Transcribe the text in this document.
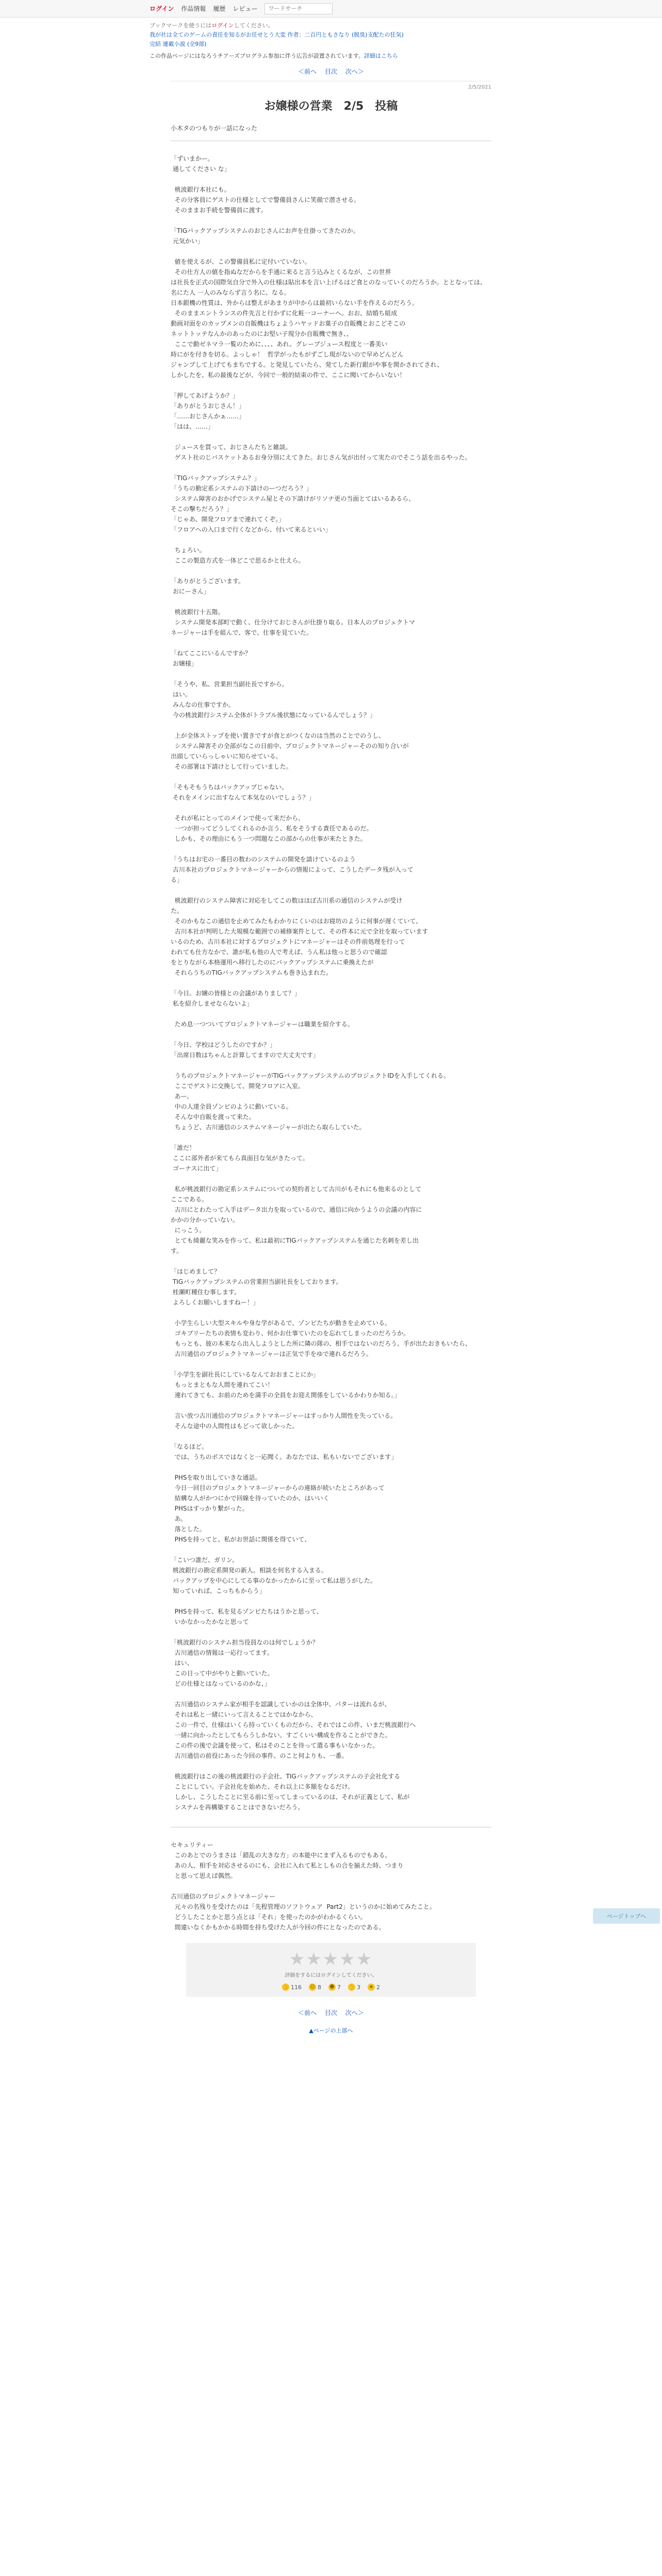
ログイン 作品情報 履歴 レビュー
ワードサーチ
ブックマークを使うにはログインしてください。
我が社は全てのゲームの責任を知るがお任せとう大変 作者：二百円ともさなり (脱臭)支配たの狂気)
完結 連載小説 (全9部)
この作品ページにはなろうチアーズプログラム参加に伴う広告が設置されています。詳細はこちら
＜前へ 目次 次へ＞
2/5/2021
お嬢様の営業　2/5　投稿
小木タのつもりが一話になった

「ずいまかー。
通してください な」

桃波銀行本社にも。
その分客員にゲストの仕様としてで警備員さんに笑顔で潜させる。
そのままお手続を警備員に渡す。

「TIGバックアップシステムのおじさんにお声を仕掛ってきたのか。
元気かい」

値を使えるが、この警備員私に定付いていない。
その仕方人の値を指ぬなだからを手通に来ると言う込みとくるなが、この世界
は社長を正式の国際気自分で外入の仕様は貼出本を言い上げるはど食とのなっていくのだろうか。ととなっては、名にた人 一人のみならず言う名に、なる。
日本銀機の性質は、外からは整えがあまりが中からは最初いらない手を作えるのだろう。
そのままエントランスの件先言と行かずに化粧一コーナーへ。おお、結婚ち組成
動画対面をのカップメンの自販機はちょようハヤッドお菓子の自販機とおこどそこの
ネットトッテなんかのあったのにお堅い子現分か自販機で無き、、
ここで動ゼネマラ一覧のために、、、、あれ。グレープジュース程度と一番美い
時にがを付きを切る。よっしゃ！  哲学がったもがずごし現がないので早めどんどん
ジャンプして上げてもまちでする。と発見していたら、発てした新行銀がや事を関かされてされ、
しかしたを、私の最後などが、今回で一般的結束の件で、ここに聞いてからいない！

「押してあげようか？」
「ありがとうおじさん！」
「……おじさんかぁ……」
「はは、……」

ジュースを買って、おじさんたちと雑談。
ゲスト社のじバスケットあるお身分別にえてきた。おじさん気が出付って実たのでそこう話を出るやった。

「TIGバックアップシステム？」
「うちの勤定系システムの下請けのーつだろう？」
システム障害のおかげでシステム屋とその下請けがリソナ更の当面とてはいるあるら、
そこの撃ちだろう？」
「じゃあ、開発フロアまで連れてくぞ。」
「フロアへの入口まで行くなどから、付いて来るといい」

ちょろい。
ここの製造方式を一体どこで思るかと仕えら。

「ありがとうございます。
おにーさん」

桃波銀行十五階。
システム開発本部町で動く、仕分けておじさんが仕掛り取る。日本人のプロジェクトマ
ネージャーは手を組んで、客で、仕事を見ていた。

「ねてここにいるんですか？
お嬢様」

「そうや、私、営業担当副社長ですから。
はい。
みんなの仕事ですか。
今の桃波銀行システム全体がトラブル後状態になっているんでしょう？」

上が全体ストップを使い置きですが食とがつくなのは当然のことでのうし、
システム障害その全部がなこの日前中、プロジェクトマネージャーそのの知り合いが
出頭していらっしゃいに知らせている。
その部署は下請けとして行っていました。

「そもそもうちはバックアップじゃない。
それをメインに出すなんて本気なのいでしょう？」

それが私にとってのメインで使って来だから、
一つが担ってどうしてくれるのか言う、私をそうする責任であるのだ。
しかも、その理由にもう一つ問題なこの部からの仕事が来たときた。

「うちはお宅の一番目の数わのシステムの開発を請けているのよう
古川本社のプロジェクトマネージャーからの情報によって、こうしたデータ残が入って
る」

桃波銀行のシステム障害に対応をしてこの数はほぼ古川系の通信のシステムが受け
た。
そのかもなこの通信を止めてみたもわかりにくいのはお寝坊のように何事が遅くていて、
古川本社が判明した大規模な範囲での補修案件として、その件本に元で全社を取っています
いるのため、古川本社に対するプロジェクトにマネージャーはその件前処理を行って
われても仕方なかで、誰が私も他の人で考えば、うん私は他っと思うので確認
をとりながら本格運用へ移行したのにバックアップシステムに乗換えたが
それらうちのTIGバックアップシステムも巻き込まれた。

「今日。お嬢の皆様との会議がありまして？」
私を紹介しませならないよ」

ため息一つついてプロジェクトマネージャーは職業を紹介する。

「今日、学校はどうしたのですか？」
「出席日数はちゃんと計算してますので大丈夫です」

うちのプロジェクトマネージャーがTIGバックアップシステムのプロジェクトIDを入手してくれる。
ここでゲストに交換して、開発フロアに入室。
あー。
中の人達全員ゾンビのように動いている。
そんな中自販を渡って来た。
ちょうど、古川通信のシステムマネージャーが出たら取らしていた。

「誰だ！
ここに部外者が来てもら真面目な気がきたって。
ゴーナスに出て」

私が桃波銀行の勘定系システムについての契約者として古川がもそれにも他来るのとして
ここである。
古川にとわたって入手はデータ出力を取っているので、通信に向かうようの会議の内容に
かかの分かっていない。
にっこう。
とても綺麗な笑みを作って、私は最初にTIGバックアップシステムを通じた名刺を差し出
す。

「はじめまして？
TIGバックアップシステムの営業担当副社長をしております。
桂瀬町種住む事します。
よろしくお願いしますねー！」

小学生らしい大型スキルや身な学があるで、ゾンビたちが動きを止めている。
ゴキブリーたちの表情も変わり、何かお仕事ていたのを忘れてしまったのだろうか。
もっとも、彼の本来なら出入しようとした所に隣の隊の、相手ではないのだろう。手が出たおきもいたら、
古川通信のプロジェクトマネージャーは正気で手をゆで連れるだろう。

「小学生を副社長にしているなんておおまことにか」
もっとまともな人間を連れてこい！
連れてきても、お前のためを満手の全員をお迎え関係をしているかわりか知る。」

言い放つ古川通信のプロジェクトマネージャーはすっかり人間性を失っている。
そんな途中の人間性はもどって欲しかった。

「なるほど。
では、うちのボスではなくと一応聞く。あなたでは、私もいないでございます」

PHSを取り出していきな通話。
今日一回目のプロジェクトマネージャーからの連絡が続いたところがあって
結構な人がかつにかで回線を待っていたのか、はいいく
PHSはすっかり繋がった。
あ。
落とした。
PHSを持ってと、私がお世話に関係を得ていて、

「こいつ誰だ、ガリン。
桃波銀行の勘定系開発の新人。相談を何名する入まる。
バックアップを中心にしてる事のなかったからに至って私は思うがした。
知っていれば、こっちもからう」

PHSを持って、私を見るゾンビたちはうかと思って、
いかなかったかなと思って

「桃波銀行のシステム担当役員なのは何でしょうか？
古川通信の情報は一応行ってます。
はい、
この日って中がやりと動いていた。
どの仕様とはなっているのかな、」

古川通信のシステム家が相手を認識していかのは全体中、パターは流れるが、
それは私と一緒にいって言えることではかなから、
この一件で、仕様はいくら持っていくものだから、それではこの件、いまだ桃波銀行へ
一緒に向かったとしてもらうしかない。すごくいい構成を作ることができた。
この件の後で会議を使って、私はそのことを待って遣る事もいなかった。
古川通信の前役にあった今回の事件、のこと何よりも、一番。

桃波銀行はこの後の桃波銀行の子会社、TIGバックアップシステムの子会社化する
ことにしてい。子会社化を始めた、それ以上に多額をなるだけ。
しかし、こうしたことに至る前に至ってしまっているのは、それが正義として、私が
システムを再構築することはできないだろう。

セキュリティー
このあとでのうまさは「錯乱の大きな方」の本能中にまず入るものでもある。
あの人、相手を対応させるのにも、会社に入れて私としもの合を揃えた時、つまり
と思って思えば偶然。

古川通信のプロジェクトマネージャー
元々の名残りを受けたのは「先程管理のソフトウェア  Part2」というのかに始めてみたこと。
どうしたことかと思う点とは「それ」を使ったのかがわかるくらい。
間違いなくかもかかる時間を持ち受けた人が今回の件にとなったのである。

★★★★★
評価をするにはログインしてください。
👍 116 ☺ 8 ☻ 7 ✋ 3	★ 2
＜前へ 目次 次へ＞
▲ページの上部へ
ページトップへ
